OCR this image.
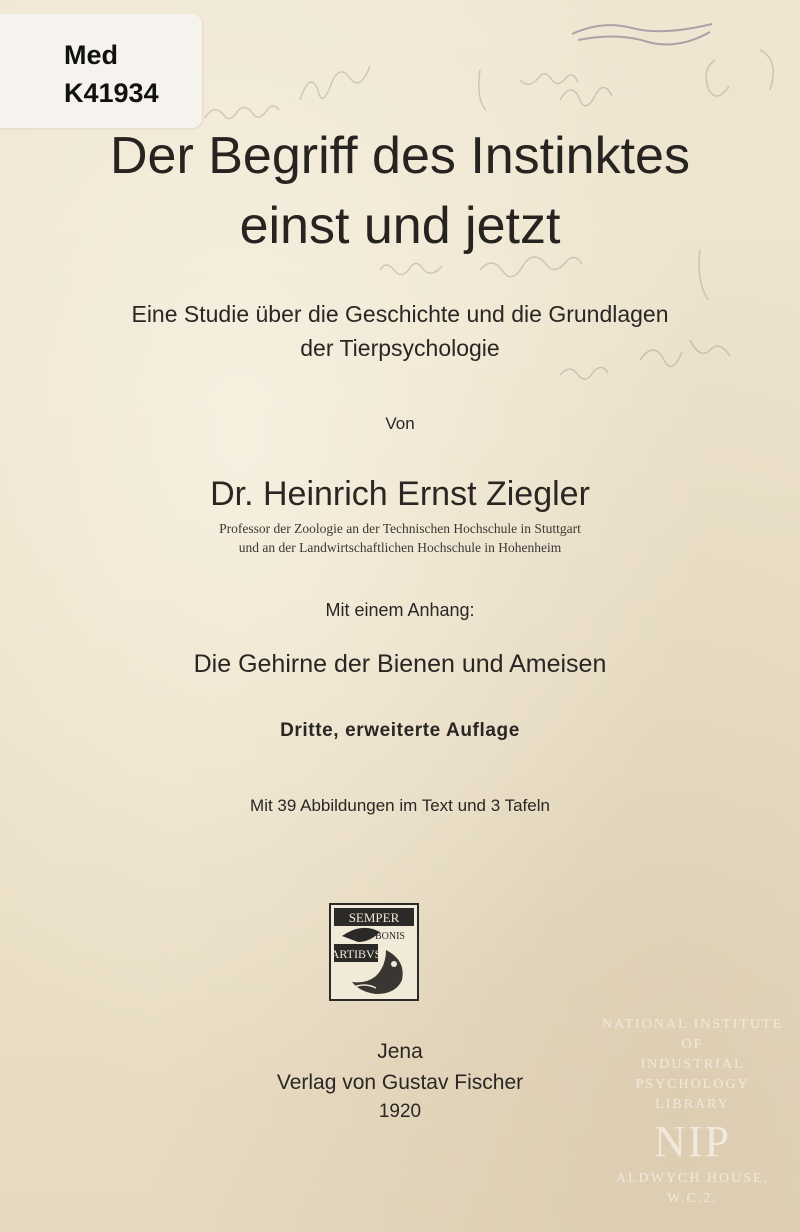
Med
K41934
Der Begriff des Instinktes
einst und jetzt
Eine Studie über die Geschichte und die Grundlagen
der Tierpsychologie
Von
Dr. Heinrich Ernst Ziegler
Professor der Zoologie an der Technischen Hochschule in Stuttgart
und an der Landwirtschaftlichen Hochschule in Hohenheim
Mit einem Anhang:
Die Gehirne der Bienen und Ameisen
Dritte, erweiterte Auflage
Mit 39 Abbildungen im Text und 3 Tafeln
SEMPER
BONIS
ARTIBVS
NATIONAL INSTITUTE OF
INDUSTRIAL PSYCHOLOGY
LIBRARY
NIP
ALDWYCH HOUSE, W.C.2.
Jena
Verlag von Gustav Fischer
1920
